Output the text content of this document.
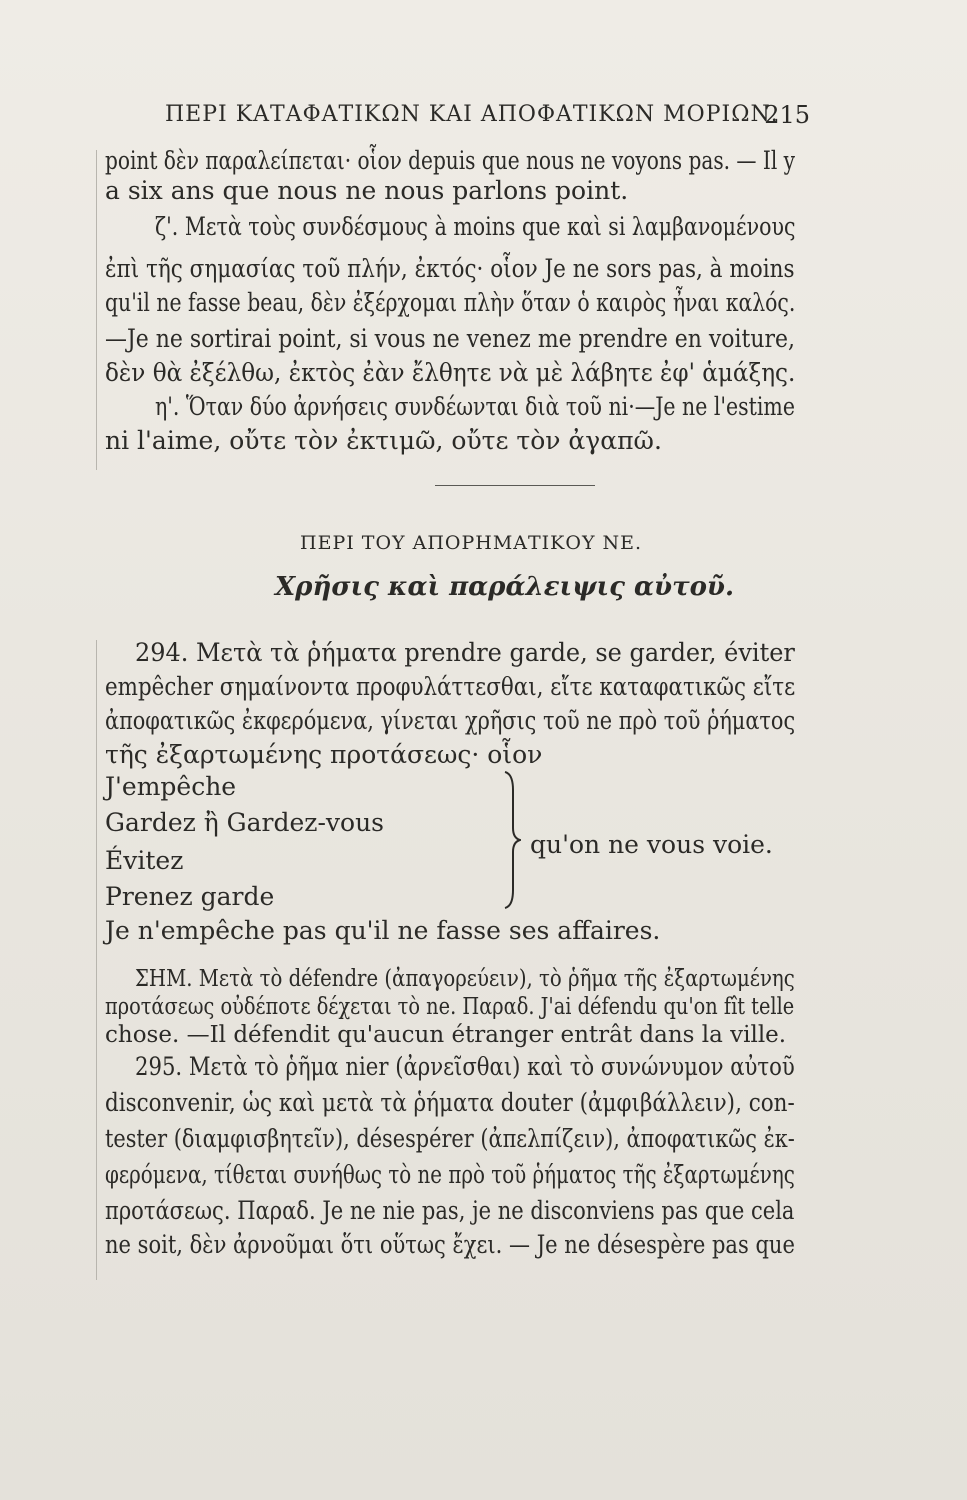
ΠΕΡΙ ΚΑΤΑΦΑΤΙΚΩΝ ΚΑΙ ΑΠΟΦΑΤΙΚΩΝ ΜΟΡΙΩΝ.
215
point δὲν παραλείπεται· οἷον depuis que nous ne voyons pas. — Il y
a six ans que nous ne nous parlons point.
ζ'. Μετὰ τοὺς συνδέσμους à moins que καὶ si λαμβανομένους
ἐπὶ τῆς σημασίας τοῦ πλήν, ἐκτός· οἷον Je ne sors pas, à moins
qu'il ne fasse beau, δὲν ἐξέρχομαι πλὴν ὅταν ὁ καιρὸς ἦναι καλός.
—Je ne sortirai point, si vous ne venez me prendre en voiture,
δὲν θὰ ἐξέλθω, ἐκτὸς ἐὰν ἔλθητε νὰ μὲ λάβητε ἐφ' ἁμάξης.
η'. Ὅταν δύο ἀρνήσεις συνδέωνται διὰ τοῦ ni·—Je ne l'estime
ni l'aime, οὔτε τὸν ἐκτιμῶ, οὔτε τὸν ἀγαπῶ.
ΠΕΡΙ ΤΟΥ ΑΠΟΡΗΜΑΤΙΚΟΥ ΝΕ.
Χρῆσις καὶ παράλειψις αὐτοῦ.
294. Μετὰ τὰ ῥήματα prendre garde, se garder, éviter
empêcher σημαίνοντα προφυλάττεσθαι, εἴτε καταφατικῶς εἴτε
ἀποφατικῶς ἐκφερόμενα, γίνεται χρῆσις τοῦ ne πρὸ τοῦ ῥήματος
τῆς ἐξαρτωμένης προτάσεως· οἷον
J'empêche
Gardez ἢ Gardez-vous
Évitez
Prenez garde
qu'on ne vous voie.
Je n'empêche pas qu'il ne fasse ses affaires.
ΣΗΜ. Μετὰ τὸ défendre (ἀπαγορεύειν), τὸ ῥῆμα τῆς ἐξαρτωμένης
προτάσεως οὐδέποτε δέχεται τὸ ne. Παραδ. J'ai défendu qu'on fît telle
chose. —Il défendit qu'aucun étranger entrât dans la ville.
295. Μετὰ τὸ ῥῆμα nier (ἀρνεῖσθαι) καὶ τὸ συνώνυμον αὐτοῦ
disconvenir, ὡς καὶ μετὰ τὰ ῥήματα douter (ἀμφιβάλλειν), con-
tester (διαμφισβητεῖν), désespérer (ἀπελπίζειν), ἀποφατικῶς ἐκ-
φερόμενα, τίθεται συνήθως τὸ ne πρὸ τοῦ ῥήματος τῆς ἐξαρτωμένης
προτάσεως. Παραδ. Je ne nie pas, je ne disconviens pas que cela
ne soit, δὲν ἀρνοῦμαι ὅτι οὕτως ἔχει. — Je ne désespère pas que
